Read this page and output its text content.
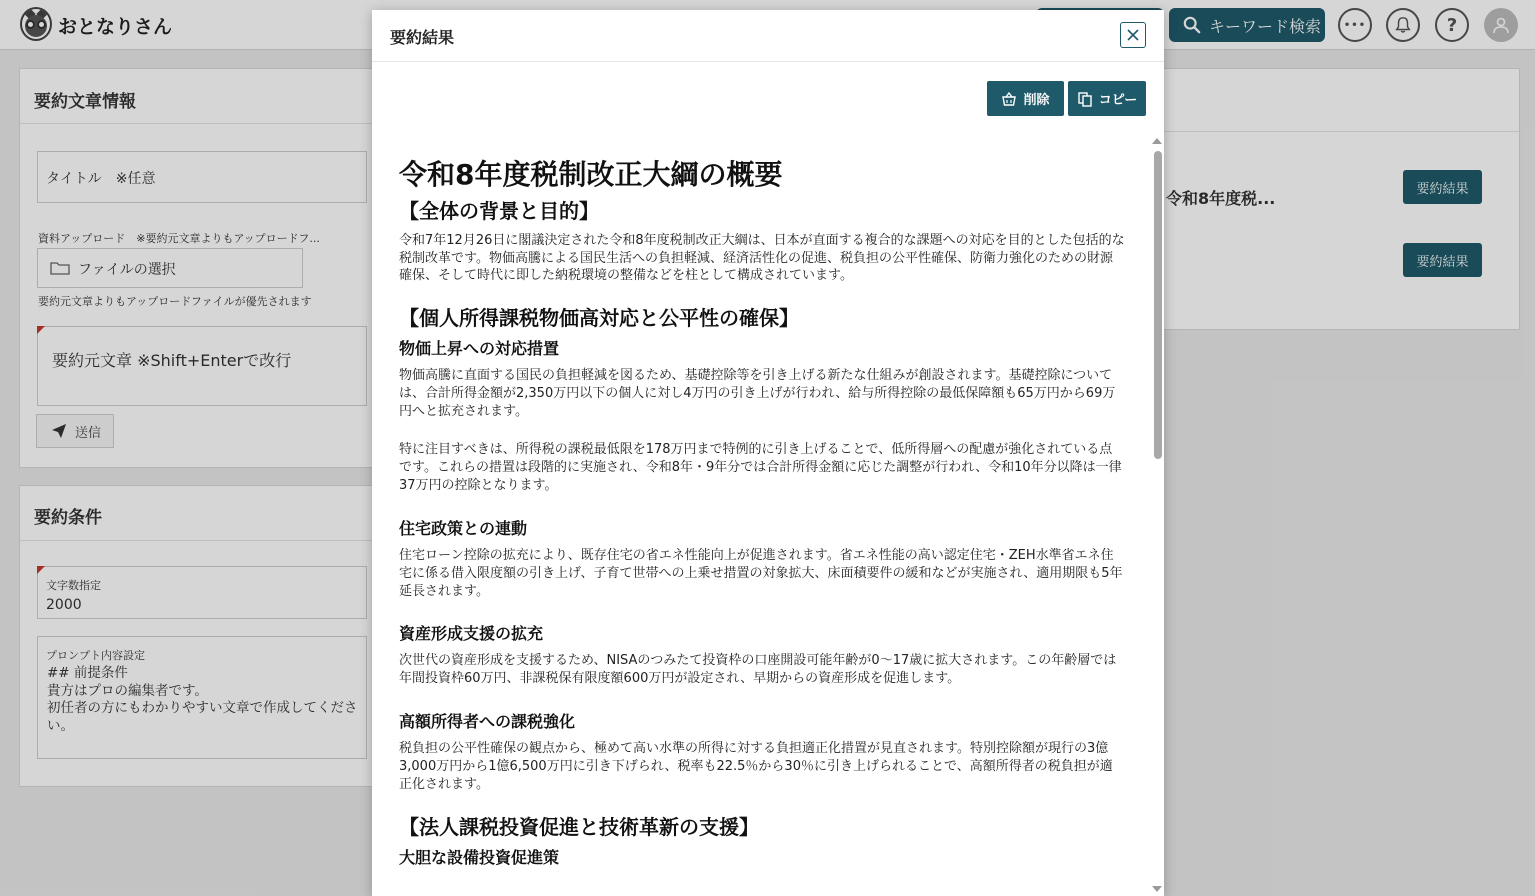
おとなりさん	キーワード検索 •••	?
要約文章情報
タイトル　※任意
資料アップロード　※要約元文章よりもアップロードフ...
ファイルの選択
要約元文章よりもアップロードファイルが優先されます
要約元文章 ※Shift+Enterで改行
送信
要約条件
文字数指定
2000
プロンプト内容設定
## 前提条件
貴方はプロの編集者です。
初任者の方にもわかりやすい文章で作成してください。
令和8年度税...	要約結果
要約結果
要約結果
削除	コピー
令和8年度税制改正大綱の概要
【全体の背景と目的】

令和7年12月26日に閣議決定された令和8年度税制改正大綱は、日本が直面する複合的な課題への対応を目的とした包括的な税制改革です。物価高騰による国民生活への負担軽減、経済活性化の促進、税負担の公平性確保、防衛力強化のための財源確保、そして時代に即した納税環境の整備などを柱として構成されています。

【個人所得課税物価高対応と公平性の確保】
物価上昇への対応措置

物価高騰に直面する国民の負担軽減を図るため、基礎控除等を引き上げる新たな仕組みが創設されます。基礎控除については、合計所得金額が2,350万円以下の個人に対し4万円の引き上げが行われ、給与所得控除の最低保障額も65万円から69万円へと拡充されます。

特に注目すべきは、所得税の課税最低限を178万円まで特例的に引き上げることで、低所得層への配慮が強化されている点です。これらの措置は段階的に実施され、令和8年・9年分では合計所得金額に応じた調整が行われ、令和10年分以降は一律37万円の控除となります。

住宅政策との連動

住宅ローン控除の拡充により、既存住宅の省エネ性能向上が促進されます。省エネ性能の高い認定住宅・ZEH水準省エネ住宅に係る借入限度額の引き上げ、子育て世帯への上乗せ措置の対象拡大、床面積要件の緩和などが実施され、適用期限も5年延長されます。

資産形成支援の拡充

次世代の資産形成を支援するため、NISAのつみたて投資枠の口座開設可能年齢が0～17歳に拡大されます。この年齢層では年間投資枠60万円、非課税保有限度額600万円が設定され、早期からの資産形成を促進します。

高額所得者への課税強化

税負担の公平性確保の観点から、極めて高い水準の所得に対する負担適正化措置が見直されます。特別控除額が現行の3億3,000万円から1億6,500万円に引き下げられ、税率も22.5％から30％に引き上げられることで、高額所得者の税負担が適正化されます。

【法人課税投資促進と技術革新の支援】
大胆な設備投資促進策
